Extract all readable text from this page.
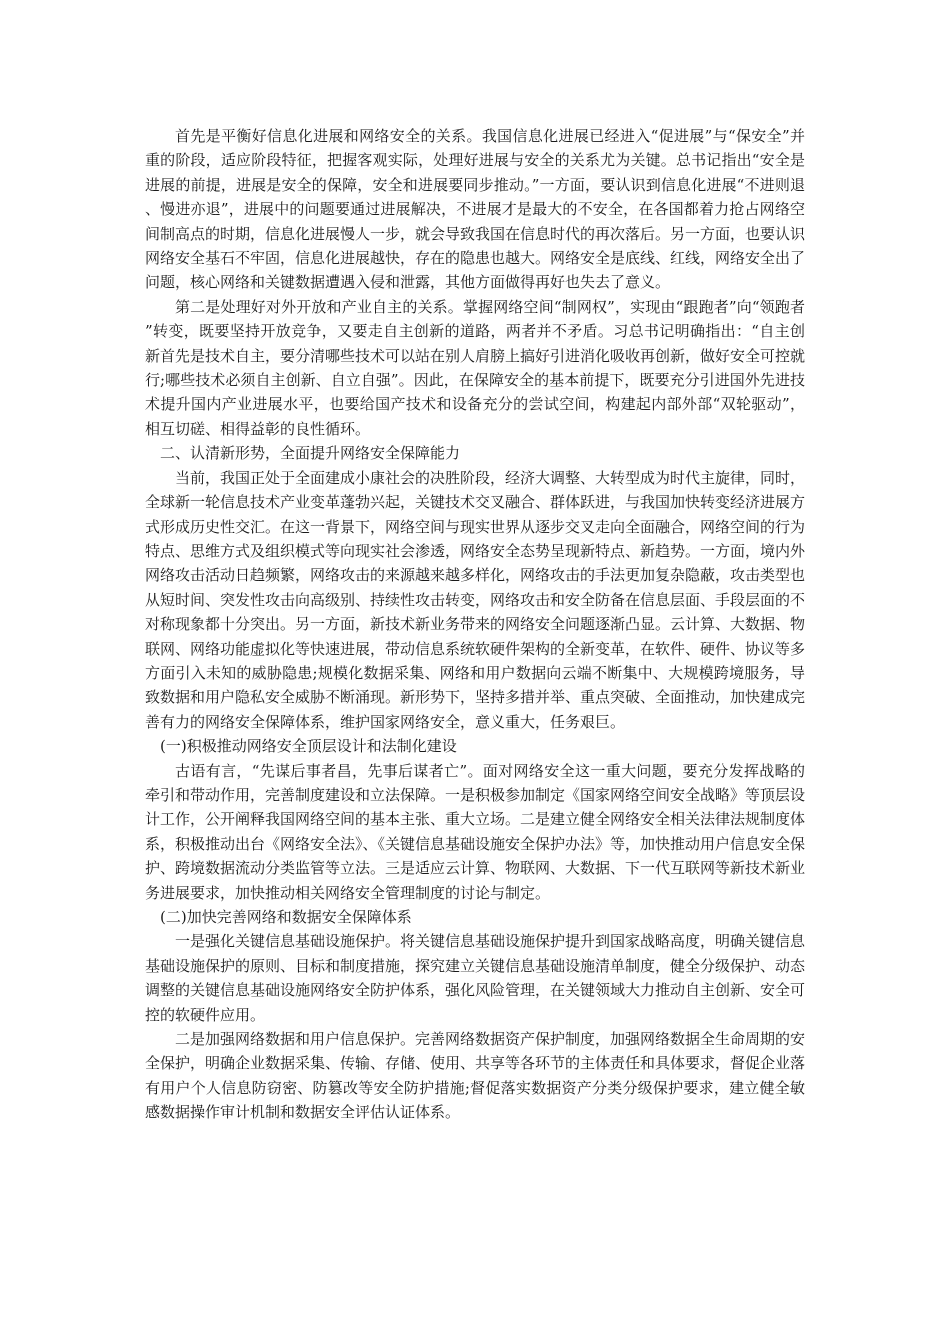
首先是平衡好信息化进展和网络安全的关系。我国信息化进展已经进入“促进展”与“保安全”并重的阶段，适应阶段特征，把握客观实际，处理好进展与安全的关系尤为关键。总书记指出“安全是进展的前提，进展是安全的保障，安全和进展要同步推动。”一方面，要认识到信息化进展“不进则退、慢进亦退”，进展中的问题要通过进展解决，不进展才是最大的不安全，在各国都着力抢占网络空间制高点的时期，信息化进展慢人一步，就会导致我国在信息时代的再次落后。另一方面，也要认识网络安全基石不牢固，信息化进展越快，存在的隐患也越大。网络安全是底线、红线，网络安全出了问题，核心网络和关键数据遭遇入侵和泄露，其他方面做得再好也失去了意义。

第二是处理好对外开放和产业自主的关系。掌握网络空间“制网权”，实现由“跟跑者”向“领跑者”转变，既要坚持开放竞争，又要走自主创新的道路，两者并不矛盾。习总书记明确指出：“自主创新首先是技术自主，要分清哪些技术可以站在别人肩膀上搞好引进消化吸收再创新，做好安全可控就行;哪些技术必须自主创新、自立自强”。因此，在保障安全的基本前提下，既要充分引进国外先进技术提升国内产业进展水平，也要给国产技术和设备充分的尝试空间，构建起内部外部“双轮驱动”，相互切磋、相得益彰的良性循环。

二、认清新形势，全面提升网络安全保障能力

当前，我国正处于全面建成小康社会的决胜阶段，经济大调整、大转型成为时代主旋律，同时，全球新一轮信息技术产业变革蓬勃兴起，关键技术交叉融合、群体跃进，与我国加快转变经济进展方式形成历史性交汇。在这一背景下，网络空间与现实世界从逐步交叉走向全面融合，网络空间的行为特点、思维方式及组织模式等向现实社会渗透，网络安全态势呈现新特点、新趋势。一方面，境内外网络攻击活动日趋频繁，网络攻击的来源越来越多样化，网络攻击的手法更加复杂隐蔽，攻击类型也从短时间、突发性攻击向高级别、持续性攻击转变，网络攻击和安全防备在信息层面、手段层面的不对称现象都十分突出。另一方面，新技术新业务带来的网络安全问题逐渐凸显。云计算、大数据、物联网、网络功能虚拟化等快速进展，带动信息系统软硬件架构的全新变革，在软件、硬件、协议等多方面引入未知的威胁隐患;规模化数据采集、网络和用户数据向云端不断集中、大规模跨境服务，导致数据和用户隐私安全威胁不断涌现。新形势下，坚持多措并举、重点突破、全面推动，加快建成完善有力的网络安全保障体系，维护国家网络安全，意义重大，任务艰巨。

(一)积极推动网络安全顶层设计和法制化建设

古语有言，“先谋后事者昌，先事后谋者亡”。面对网络安全这一重大问题，要充分发挥战略的牵引和带动作用，完善制度建设和立法保障。一是积极参加制定《国家网络空间安全战略》等顶层设计工作，公开阐释我国网络空间的基本主张、重大立场。二是建立健全网络安全相关法律法规制度体系，积极推动出台《网络安全法》、《关键信息基础设施安全保护办法》等，加快推动用户信息安全保护、跨境数据流动分类监管等立法。三是适应云计算、物联网、大数据、下一代互联网等新技术新业务进展要求，加快推动相关网络安全管理制度的讨论与制定。

(二)加快完善网络和数据安全保障体系

一是强化关键信息基础设施保护。将关键信息基础设施保护提升到国家战略高度，明确关键信息基础设施保护的原则、目标和制度措施，探究建立关键信息基础设施清单制度，健全分级保护、动态调整的关键信息基础设施网络安全防护体系，强化风险管理，在关键领域大力推动自主创新、安全可控的软硬件应用。

二是加强网络数据和用户信息保护。完善网络数据资产保护制度，加强网络数据全生命周期的安全保护，明确企业数据采集、传输、存储、使用、共享等各环节的主体责任和具体要求，督促企业落有用户个人信息防窃密、防篡改等安全防护措施;督促落实数据资产分类分级保护要求，建立健全敏感数据操作审计机制和数据安全评估认证体系。
